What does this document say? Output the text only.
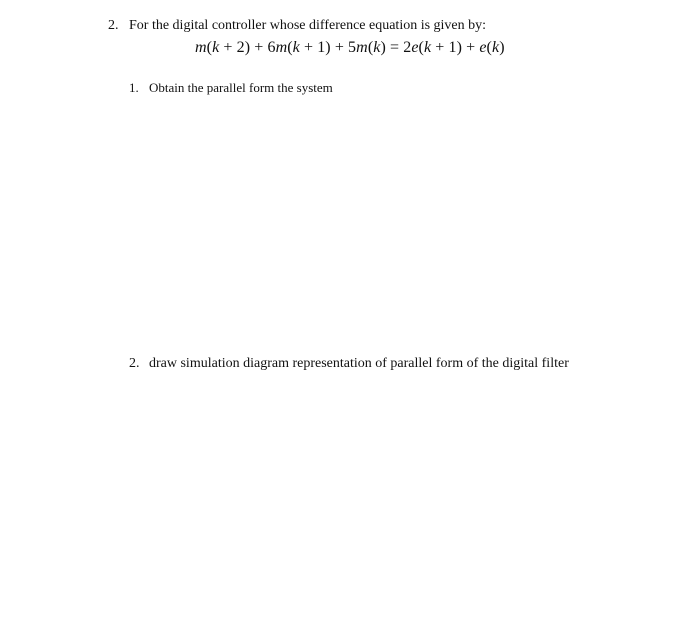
2. For the digital controller whose difference equation is given by:
m(k + 2) + 6m(k + 1) + 5m(k) = 2e(k + 1) + e(k)
1. Obtain the parallel form the system
2. draw simulation diagram representation of parallel form of the digital filter
